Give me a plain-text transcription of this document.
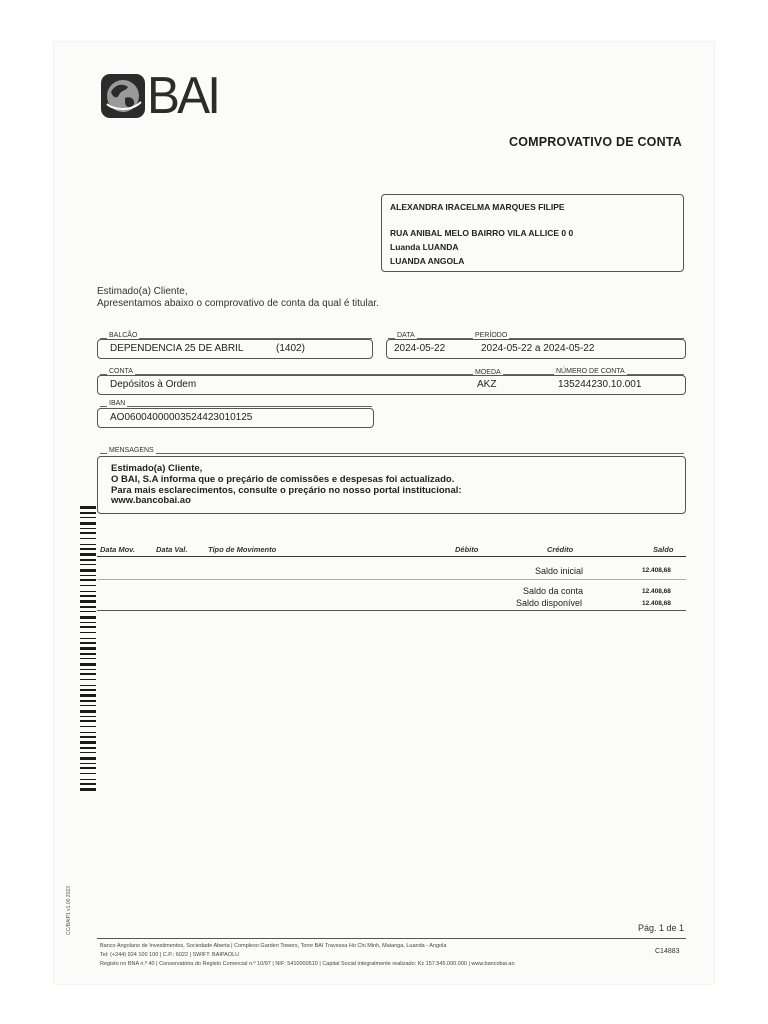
BAI
COMPROVATIVO DE CONTA
ALEXANDRA IRACELMA MARQUES FILIPE
RUA ANIBAL MELO BAIRRO VILA ALLICE 0 0
Luanda LUANDA
LUANDA ANGOLA
Estimado(a) Cliente,
Apresentamos abaixo o comprovativo de conta da qual é titular.
BALCÃO
DEPENDENCIA 25 DE ABRIL	(1402)
DATA	PERÍODO
2024-05-22	2024-05-22 a 2024-05-22
CONTA	MOEDA	NÚMERO DE CONTA
Depósitos à Ordem	AKZ	135244230.10.001
IBAN
AO06004000003524423010125
MENSAGENS
Estimado(a) Cliente,
O BAI, S.A informa que o preçário de comissões e despesas foi actualizado.
Para mais esclarecimentos, consulte o preçário no nosso portal institucional:
www.bancobai.ao
Data Mov.	Data Val.	Tipo de Movimento	Débito	Crédito	Saldo
Saldo inicial	12.408,68
Saldo da conta	12.408,68
Saldo disponível	12.408,68
CC/BAIP1 v1.00 2023	Pág. 1 de 1
Banco Angolano de Investimentos, Sociedade Aberta | Complexo Garden Towers, Torre BAI Travessa Ho Chi Minh, Maianga, Luanda - Angola
Tel: (+244) 924 100 100 | C.P.: 6022 | SWIFT: BAIPAOLU
Registo no BNA n.º 40 | Conservatória do Registo Comercial n.º 10/97 | NIF: 5410000510 | Capital Social integralmente realizado: Kz 157.545.000.000 | www.bancobai.ao
C14883
